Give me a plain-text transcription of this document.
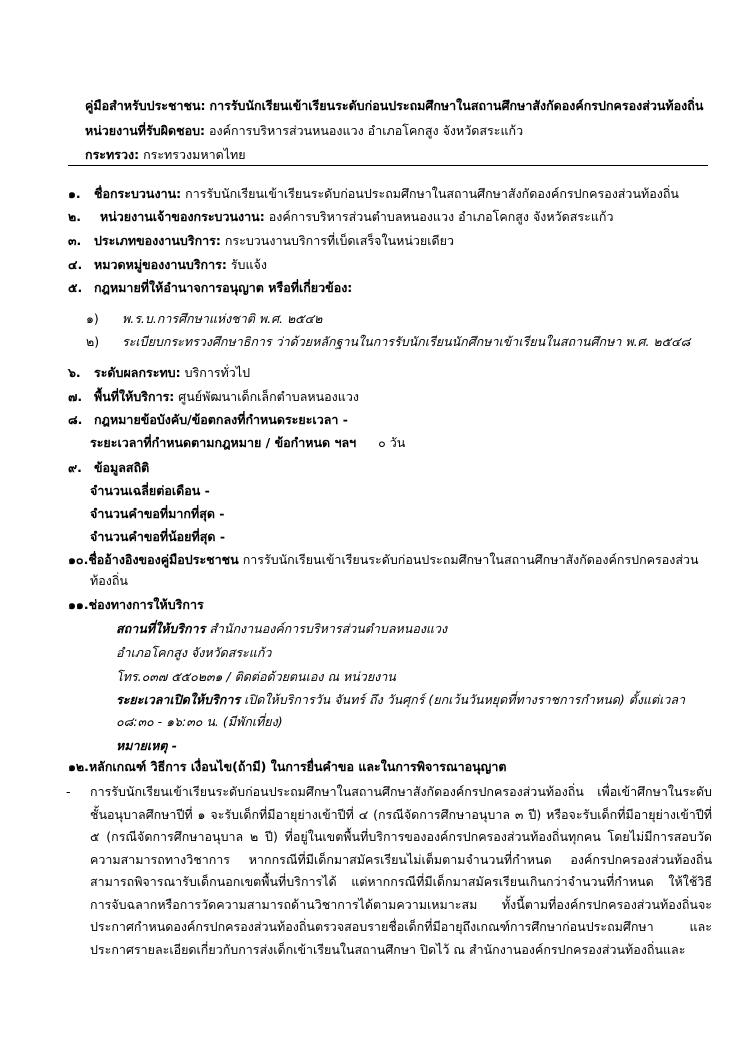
คู่มือสำหรับประชาชน: การรับนักเรียนเข้าเรียนระดับก่อนประถมศึกษาในสถานศึกษาสังกัดองค์กรปกครองส่วนท้องถิ่น
หน่วยงานที่รับผิดชอบ: องค์การบริหารส่วนหนองแวง อำเภอโคกสูง จังหวัดสระแก้ว
กระทรวง: กระทรวงมหาดไทย
๑. ชื่อกระบวนงาน: การรับนักเรียนเข้าเรียนระดับก่อนประถมศึกษาในสถานศึกษาสังกัดองค์กรปกครองส่วนท้องถิ่น
๒. หน่วยงานเจ้าของกระบวนงาน: องค์การบริหารส่วนตำบลหนองแวง อำเภอโคกสูง จังหวัดสระแก้ว
๓. ประเภทของงานบริการ: กระบวนงานบริการที่เบ็ดเสร็จในหน่วยเดียว
๔. หมวดหมู่ของงานบริการ: รับแจ้ง
๕. กฎหมายที่ให้อำนาจการอนุญาต หรือที่เกี่ยวข้อง:
๑) พ.ร.บ.การศึกษาแห่งชาติ พ.ศ. ๒๕๔๒
๒) ระเบียบกระทรวงศึกษาธิการ ว่าด้วยหลักฐานในการรับนักเรียนนักศึกษาเข้าเรียนในสถานศึกษา พ.ศ. ๒๕๔๘
๖. ระดับผลกระทบ: บริการทั่วไป
๗. พื้นที่ให้บริการ: ศูนย์พัฒนาเด็กเล็กตำบลหนองแวง
๘. กฎหมายข้อบังคับ/ข้อตกลงที่กำหนดระยะเวลา -
ระยะเวลาที่กำหนดตามกฎหมาย / ข้อกำหนด ฯลฯ ๐ วัน
๙. ข้อมูลสถิติ
จำนวนเฉลี่ยต่อเดือน -
จำนวนคำขอที่มากที่สุด -
จำนวนคำขอที่น้อยที่สุด -
๑๐.ชื่ออ้างอิงของคู่มือประชาชน การรับนักเรียนเข้าเรียนระดับก่อนประถมศึกษาในสถานศึกษาสังกัดองค์กรปกครองส่วน
ท้องถิ่น
๑๑.ช่องทางการให้บริการ
สถานที่ให้บริการ สำนักงานองค์การบริหารส่วนตำบลหนองแวง
อำเภอโคกสูง จังหวัดสระแก้ว
โทร.๐๓๗ ๕๕๐๒๓๑ / ติดต่อด้วยตนเอง ณ หน่วยงาน
ระยะเวลาเปิดให้บริการ เปิดให้บริการวัน จันทร์ ถึง วันศุกร์ (ยกเว้นวันหยุดที่ทางราชการกำหนด) ตั้งแต่เวลา
๐๘:๓๐ - ๑๖:๓๐ น. (มีพักเที่ยง)
หมายเหตุ -
๑๒.หลักเกณฑ์ วิธีการ เงื่อนไข(ถ้ามี) ในการยื่นคำขอ และในการพิจารณาอนุญาต
- การรับนักเรียนเข้าเรียนระดับก่อนประถมศึกษาในสถานศึกษาสังกัดองค์กรปกครองส่วนท้องถิ่น เพื่อเข้าศึกษาในระดับชั้นอนุบาลศึกษาปีที่ ๑ จะรับเด็กที่มีอายุย่างเข้าปีที่ ๔ (กรณีจัดการศึกษาอนุบาล ๓ ปี) หรือจะรับเด็กที่มีอายุย่างเข้าปีที่ ๕ (กรณีจัดการศึกษาอนุบาล ๒ ปี) ที่อยู่ในเขตพื้นที่บริการขององค์กรปกครองส่วนท้องถิ่นทุกคน โดยไม่มีการสอบวัดความสามารถทางวิชาการ หากกรณีที่มีเด็กมาสมัครเรียนไม่เต็มตามจำนวนที่กำหนด องค์กรปกครองส่วนท้องถิ่นสามารถพิจารณารับเด็กนอกเขตพื้นที่บริการได้ แต่หากกรณีที่มีเด็กมาสมัครเรียนเกินกว่าจำนวนที่กำหนด ให้ใช้วิธีการจับฉลากหรือการวัดความสามารถด้านวิชาการได้ตามความเหมาะสม ทั้งนี้ตามที่องค์กรปกครองส่วนท้องถิ่นจะประกาศกำหนดองค์กรปกครองส่วนท้องถิ่นตรวจสอบรายชื่อเด็กที่มีอายุถึงเกณฑ์การศึกษาก่อนประถมศึกษา และประกาศรายละเอียดเกี่ยวกับการส่งเด็กเข้าเรียนในสถานศึกษา ปิดไว้ ณ สำนักงานองค์กรปกครองส่วนท้องถิ่นและ
